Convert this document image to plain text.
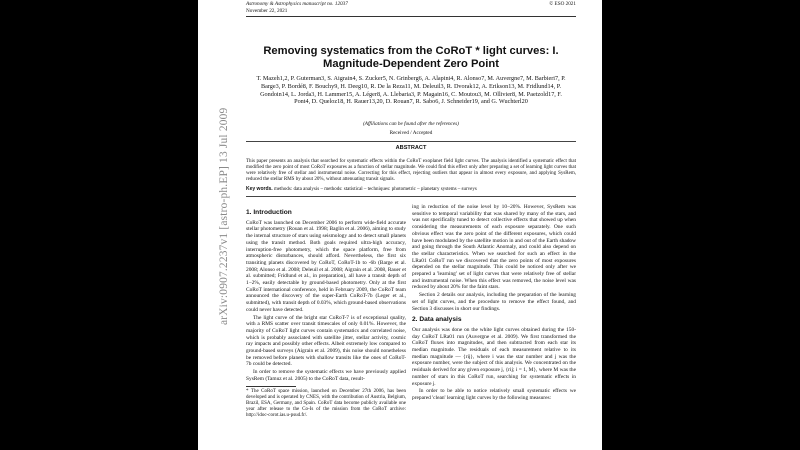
Astronomy & Astrophysics manuscript no. 12037
November 22, 2021
© ESO 2021
arXiv:0907.2237v1 [astro-ph.EP] 13 Jul 2009
Removing systematics from the CoRoT * light curves: I. Magnitude-Dependent Zero Point
T. Mazeh1,2, P. Guterman3, S. Aigrain4, S. Zucker5, N. Grinberg6, A. Alapini4, R. Alonso7, M. Auvergne7, M. Barbieri7, P. Barge3, P. Bordé8, F. Bouchy9, H. Deeg10, R. De la Reza11, M. Deleuil3, R. Dvorak12, A. Erikson13, M. Fridlund14, P. Gondoin14, L. Jorda3, H. Lammer15, A. Léger8, A. Llebaria3, P. Magain16, C. Moutou3, M. Ollivier8, M. Paetzold17, F. Pont4, D. Queloz18, H. Rauer13,20, D. Rouan7, R. Sabo6, J. Schneider19, and G. Wuchterl20
(Affiliations can be found after the references)
Received / Accepted
ABSTRACT
This paper presents an analysis that searched for systematic effects within the CoRoT exoplanet field light curves. The analysis identified a systematic effect that modified the zero point of most CoRoT exposures as a function of stellar magnitude. We could find this effect only after preparing a set of learning light curves that were relatively free of stellar and instrumental noise. Correcting for this effect, rejecting outliers that appear in almost every exposure, and applying SysRem, reduced the stellar RMS by about 20%, without attenuating transit signals.
Key words. methods: data analysis – methods: statistical – techniques: photometric – planetary systems – surveys
1. Introduction

CoRoT was launched on December 2006 to perform wide-field accurate stellar photometry (Rouan et al. 1998; Baglin et al. 2006), aiming to study the internal structure of stars using seismology and to detect small planets using the transit method. Both goals required ultra-high accuracy, interruption-free photometry, which the space platform, free from atmospheric disturbances, should afford. Nevertheless, the first six transiting planets discovered by CoRoT, CoRoT-1b to -6b (Barge et al. 2008; Alonso et al. 2008; Deleuil et al. 2008; Aigrain et al. 2008, Rauer et al. submitted; Fridlund et al., in preparation), all have a transit depth of 1−2%, easily detectable by ground-based photometry. Only at the first CoRoT international conference, held in February 2009, the CoRoT team announced the discovery of the super-Earth CoRoT-7b (Leger et al., submitted), with transit depth of 0.03%, which ground-based observations could never have detected.

The light curve of the bright star CoRoT-7 is of exceptional quality, with a RMS scatter over transit timescales of only 0.01%. However, the majority of CoRoT light curves contain systematics and correlated noise, which is probably associated with satellite jitter, stellar activity, cosmic ray impacts and possibly other effects. Albeit extremely low compared to ground-based surveys (Aigrain et al. 2009), this noise should nonetheless be removed before planets with shallow transits like the ones of CoRoT-7b could be detected.

In order to remove the systematic effects we have previously applied SysRem (Tamuz et al. 2005) to the CoRoT data, result-

* The CoRoT space mission, launched on December 27th 2006, has been developed and is operated by CNES, with the contribution of Austria, Belgium, Brazil, ESA, Germany, and Spain. CoRoT data become publicly available one year after release to the Co-Is of the mission from the CoRoT archive: http://idoc-corot.ias.u-psud.fr/.

ing in reduction of the noise level by 10−20%. However, SysRem was sensitive to temporal variability that was shared by many of the stars, and was not specifically tuned to detect collective effects that showed up when considering the measurements of each exposure separately. One such obvious effect was the zero point of the different exposures, which could have been modulated by the satellite motion in and out of the Earth shadow and going through the South Atlantic Anomaly, and could also depend on the stellar characteristics. When we searched for such an effect in the LRa01 CoRoT run we discovered that the zero points of most exposures depended on the stellar magnitude. This could be noticed only after we prepared a 'learning' set of light curves that were relatively free of stellar and instrumental noise. When this effect was removed, the noise level was reduced by about 20% for the faint stars.

Section 2 details our analysis, including the preparation of the learning set of light curves, and the procedure to remove the effect found, and Section 3 discusses in short our findings.

2. Data analysis

Our analysis was done on the white light curves obtained during the 150-day CoRoT LRa01 run (Auvergne et al. 2009). We first transformed the CoRoT fluxes into magnitudes, and then subtracted from each star its median magnitude. The residuals of each measurement relative to its median magnitude — {rij}, where i was the star number and j was the exposure number, were the subject of this analysis. We concentrated on the residuals derived for any given exposure j, {rij; i = 1, M}, where M was the number of stars in this CoRoT run, searching for systematic effects in exposure j.

In order to be able to notice relatively small systematic effects we prepared 'clean' learning light curves by the following measures:
